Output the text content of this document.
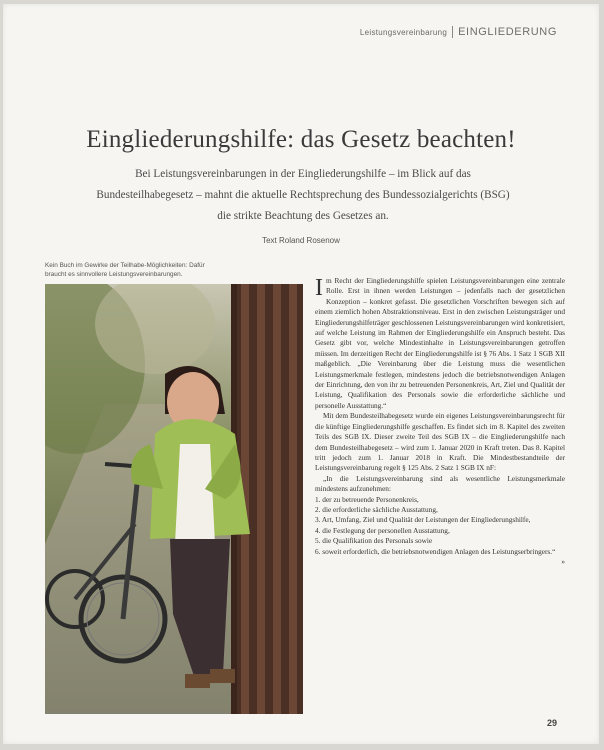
Leistungsvereinbarung EINGLIEDERUNG
Eingliederungshilfe: das Gesetz beachten!

Bei Leistungsvereinbarungen in der Eingliederungshilfe – im Blick auf das
Bundesteilhabegesetz – mahnt die aktuelle Rechtsprechung des Bundessozialgerichts (BSG)
die strikte Beachtung des Gesetzes an.

Text Roland Rosenow
Kein Buch im Gewirke der Teilhabe-Möglichkeiten: Dafür
braucht es sinnvollere Leistungsvereinbarungen.

Im Recht der Eingliederungshilfe spielen Leistungsvereinbarungen eine zentrale Rolle. Erst in ihnen werden Leistungen – jedenfalls nach der gesetzlichen Konzeption – konkret gefasst. Die gesetzlichen Vorschriften bewegen sich auf einem ziemlich hohen Abstraktionsniveau. Erst in den zwischen Leistungsträger und Eingliederungshilfeträger geschlossenen Leistungsvereinbarungen wird konkretisiert, auf welche Leistung im Rahmen der Eingliederungshilfe ein Anspruch besteht. Das Gesetz gibt vor, welche Mindestinhalte in Leistungsvereinbarungen getroffen müssen. Im derzeitigen Recht der Eingliederungshilfe ist § 76 Abs. 1 Satz 1 SGB XII maßgeblich. „Die Vereinbarung über die Leistung muss die wesentlichen Leistungsmerkmale festlegen, mindestens jedoch die betriebsnotwendigen Anlagen der Einrichtung, den von ihr zu betreuenden Personenkreis, Art, Ziel und Qualität der Leistung, Qualifikation des Personals sowie die erforderliche sächliche und personelle Ausstattung.“

Mit dem Bundesteilhabegesetz wurde ein eigenes Leistungsvereinbarungsrecht für die künftige Eingliederungshilfe geschaffen. Es findet sich im 8. Kapitel des zweiten Teils des SGB IX. Dieser zweite Teil des SGB IX – die Eingliederungshilfe nach dem Bundesteilhabegesetz – wird zum 1. Januar 2020 in Kraft treten. Das 8. Kapitel tritt jedoch zum 1. Januar 2018 in Kraft. Die Mindestbestandteile der Leistungsvereinbarung regelt § 125 Abs. 2 Satz 1 SGB IX nF:

„In die Leistungsvereinbarung sind als wesentliche Leistungsmerkmale mindestens aufzunehmen:

1. der zu betreuende Personenkreis,
2. die erforderliche sächliche Ausstattung,
3. Art, Umfang, Ziel und Qualität der Leistungen der Eingliederungshilfe,
4. die Festlegung der personellen Ausstattung,
5. die Qualifikation des Personals sowie
6. soweit erforderlich, die betriebsnotwendigen Anlagen des Leistungserbringers.“
»
29
